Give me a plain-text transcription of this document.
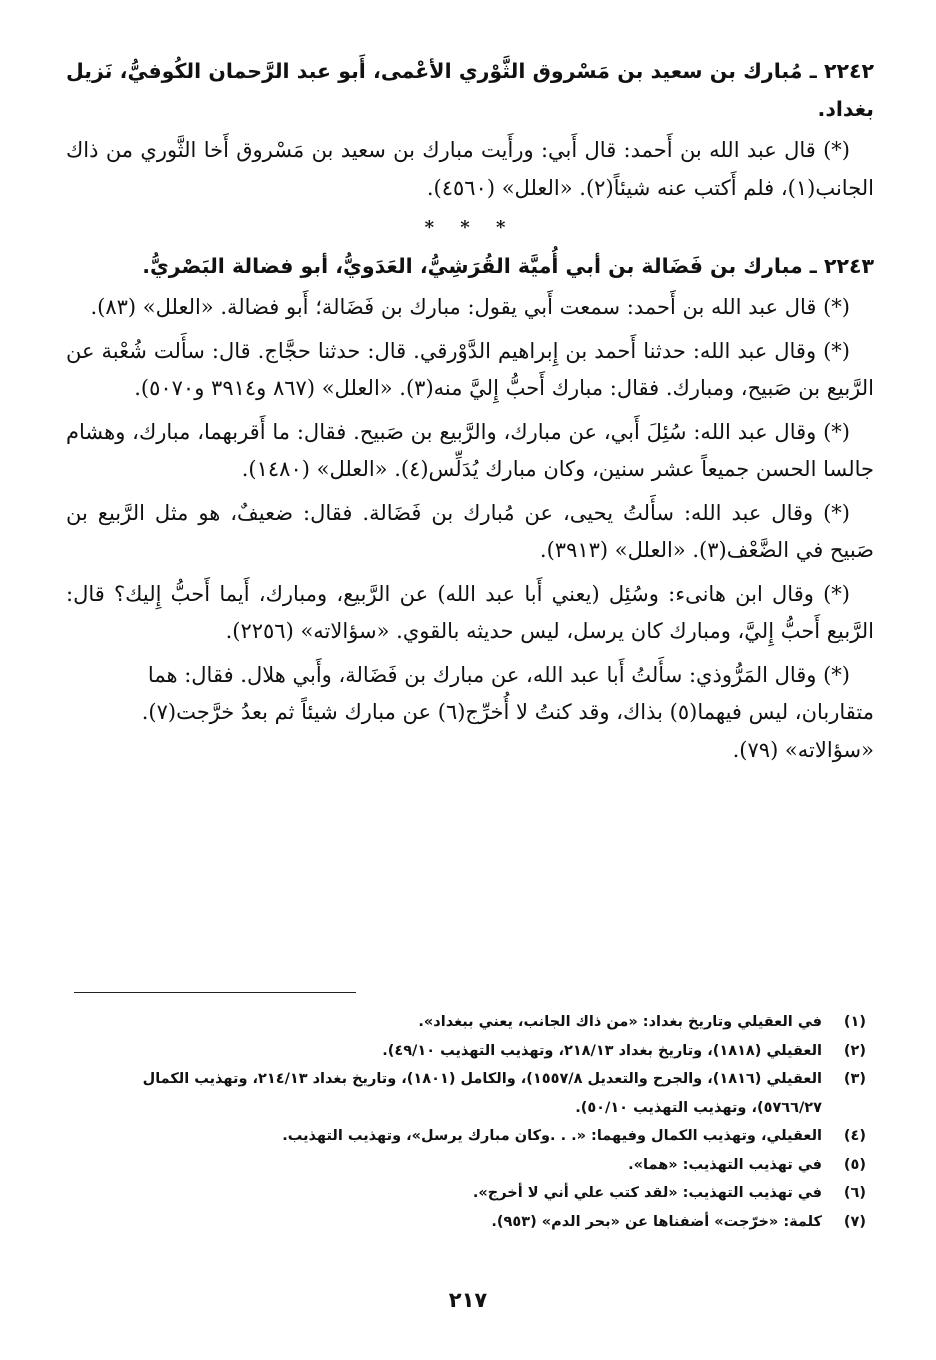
٢٢٤٢ ـ مُبارك بن سعيد بن مَسْروق الثَّوْري الأعْمى، أَبو عبد الرَّحمان الكُوفيُّ، نَزيل بغداد.

(*) قال عبد الله بن أَحمد: قال أَبي: ورأَيت مبارك بن سعيد بن مَسْروق أَخا الثَّوري من ذاك الجانب(١)، فلم أَكتب عنه شيئاً(٢). «العلل» (٤٥٦٠).

* * *

٢٢٤٣ ـ مبارك بن فَضَالة بن أبي أُميَّة القُرَشِيُّ، العَدَويُّ، أبو فضالة البَصْريُّ.

(*) قال عبد الله بن أَحمد: سمعت أَبي يقول: مبارك بن فَضَالة؛ أَبو فضالة. «العلل» (٨٣).

(*) وقال عبد الله: حدثنا أَحمد بن إِبراهيم الدَّوْرقي. قال: حدثنا حجَّاج. قال: سأَلت شُعْبة عن الرَّبيع بن صَبيح، ومبارك. فقال: مبارك أَحبُّ إِليَّ منه(٣). «العلل» (٨٦٧ و٣٩١٤ و٥٠٧٠).

(*) وقال عبد الله: سُئِلَ أَبي، عن مبارك، والرَّبيع بن صَبيح. فقال: ما أَقربهما، مبارك، وهشام جالسا الحسن جميعاً عشر سنين، وكان مبارك يُدَلِّس(٤). «العلل» (١٤٨٠).

(*) وقال عبد الله: سأَلتُ يحيى، عن مُبارك بن فَضَالة. فقال: ضعيفٌ، هو مثل الرَّبيع بن صَبيح في الضَّعْف(٣). «العلل» (٣٩١٣).

(*) وقال ابن هانىء: وسُئِل (يعني أَبا عبد الله) عن الرَّبيع، ومبارك، أَيما أَحبُّ إِليك؟ قال: الرَّبيع أَحبُّ إِليَّ، ومبارك كان يرسل، ليس حديثه بالقوي. «سؤالاته» (٢٢٥٦).

(*) وقال المَرُّوذي: سأَلتُ أَبا عبد الله، عن مبارك بن فَضَالة، وأَبي هلال. فقال: هما متقاربان، ليس فيهما(٥) بذاك، وقد كنتُ لا أُخرِّج(٦) عن مبارك شيئاً ثم بعدُ خرَّجت(٧). «سؤالاته» (٧٩).

(١)
في العقيلي وتاريخ بغداد: «من ذاك الجانب، يعني ببغداد».
(٢)
العقيلي (١٨١٨)، وتاريخ بغداد ٢١٨/١٣، وتهذيب التهذيب ٤٩/١٠).
(٣)
العقيلي (١٨١٦)، والجرح والتعديل ١٥٥٧/٨)، والكامل (١٨٠١)، وتاريخ بغداد ٢١٤/١٣، وتهذيب الكمال ٥٧٦٦/٢٧)، وتهذيب التهذيب ٥٠/١٠).
(٤)
العقيلي، وتهذيب الكمال وفيهما: «. . .وكان مبارك يرسل»، وتهذيب التهذيب.
(٥)
في تهذيب التهذيب: «هما».
(٦)
في تهذيب التهذيب: «لقد كتب علي أني لا أخرج».
(٧)
كلمة: «خرّجت» أضفناها عن «بحر الدم» (٩٥٣).
٢١٧
